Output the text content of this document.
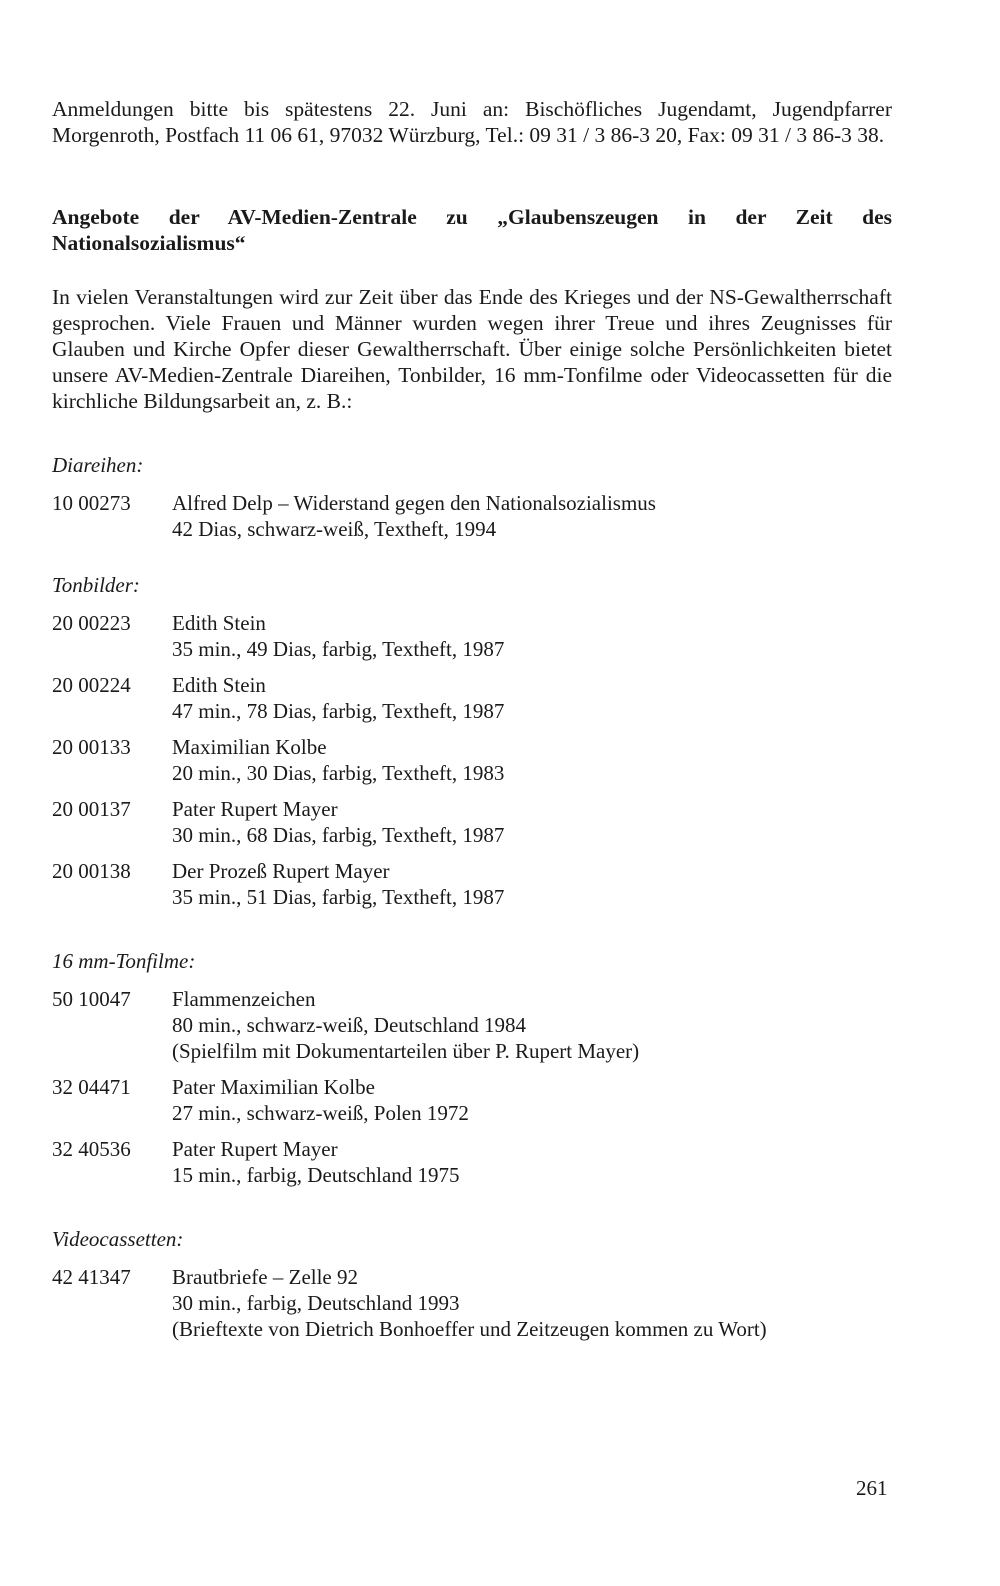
Anmeldungen bitte bis spätestens 22. Juni an: Bischöfliches Jugendamt, Jugendpfarrer Morgenroth, Postfach 11 06 61, 97032 Würzburg, Tel.: 09 31 / 3 86-3 20, Fax: 09 31 / 3 86-3 38.

Angebote der AV-Medien-Zentrale zu „Glaubenszeugen in der Zeit des Nationalsozialismus“

In vielen Veranstaltungen wird zur Zeit über das Ende des Krieges und der NS-Gewaltherrschaft gesprochen. Viele Frauen und Männer wurden wegen ihrer Treue und ihres Zeugnisses für Glauben und Kirche Opfer dieser Gewaltherrschaft. Über einige solche Persönlichkeiten bietet unsere AV-Medien-Zentrale Diareihen, Tonbilder, 16 mm-Tonfilme oder Videocassetten für die kirchliche Bildungsarbeit an, z. B.:

Diareihen:

10 00273	Alfred Delp – Widerstand gegen den Nationalsozialismus
42 Dias, schwarz-weiß, Textheft, 1994

Tonbilder:

20 00223	Edith Stein
35 min., 49 Dias, farbig, Textheft, 1987
20 00224	Edith Stein
47 min., 78 Dias, farbig, Textheft, 1987
20 00133	Maximilian Kolbe
20 min., 30 Dias, farbig, Textheft, 1983
20 00137	Pater Rupert Mayer
30 min., 68 Dias, farbig, Textheft, 1987
20 00138	Der Prozeß Rupert Mayer
35 min., 51 Dias, farbig, Textheft, 1987

16 mm-Tonfilme:

50 10047	Flammenzeichen
80 min., schwarz-weiß, Deutschland 1984
(Spielfilm mit Dokumentarteilen über P. Rupert Mayer)
32 04471	Pater Maximilian Kolbe
27 min., schwarz-weiß, Polen 1972
32 40536	Pater Rupert Mayer
15 min., farbig, Deutschland 1975

Videocassetten:

42 41347	Brautbriefe – Zelle 92
30 min., farbig, Deutschland 1993
(Brieftexte von Dietrich Bonhoeffer und Zeitzeugen kommen zu Wort)
261
